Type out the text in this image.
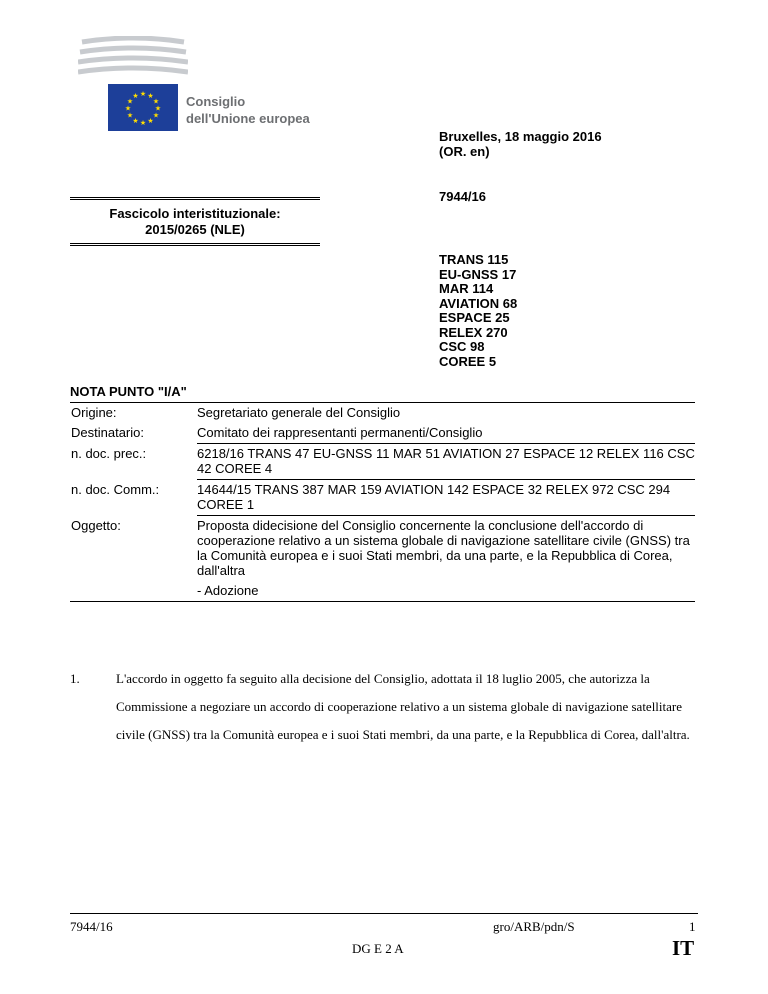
★ ★
★
★
★
★
★
★
★
★
★
★	Consiglio
dell'Unione europea
Bruxelles, 18 maggio 2016
(OR. en)
7944/16
Fascicolo interistituzionale:
2015/0265 (NLE)
TRANS 115
EU-GNSS 17
MAR 114
AVIATION 68
ESPACE 25
RELEX 270
CSC 98
COREE 5
NOTA PUNTO "I/A"
Origine:	Segretariato generale del Consiglio
Destinatario:	Comitato dei rappresentanti permanenti/Consiglio
n. doc. prec.:	6218/16 TRANS 47 EU-GNSS 11 MAR 51 AVIATION 27 ESPACE 12 RELEX 116 CSC 42 COREE 4
n. doc. Comm.:	14644/15 TRANS 387 MAR 159 AVIATION 142 ESPACE 32 RELEX 972 CSC 294 COREE 1
Oggetto:	Proposta didecisione del Consiglio concernente la conclusione dell'accordo di cooperazione relativo a un sistema globale di navigazione satellitare civile (GNSS) tra la Comunità europea e i suoi Stati membri, da una parte, e la Repubblica di Corea, dall'altra
	- Adozione
1.	L'accordo in oggetto fa seguito alla decisione del Consiglio, adottata il 18 luglio 2005, che autorizza la Commissione a negoziare un accordo di cooperazione relativo a un sistema globale di navigazione satellitare civile (GNSS) tra la Comunità europea e i suoi Stati membri, da una parte, e la Repubblica di Corea, dall'altra.
7944/16	gro/ARB/pdn/S	1
DG E 2 A	IT
